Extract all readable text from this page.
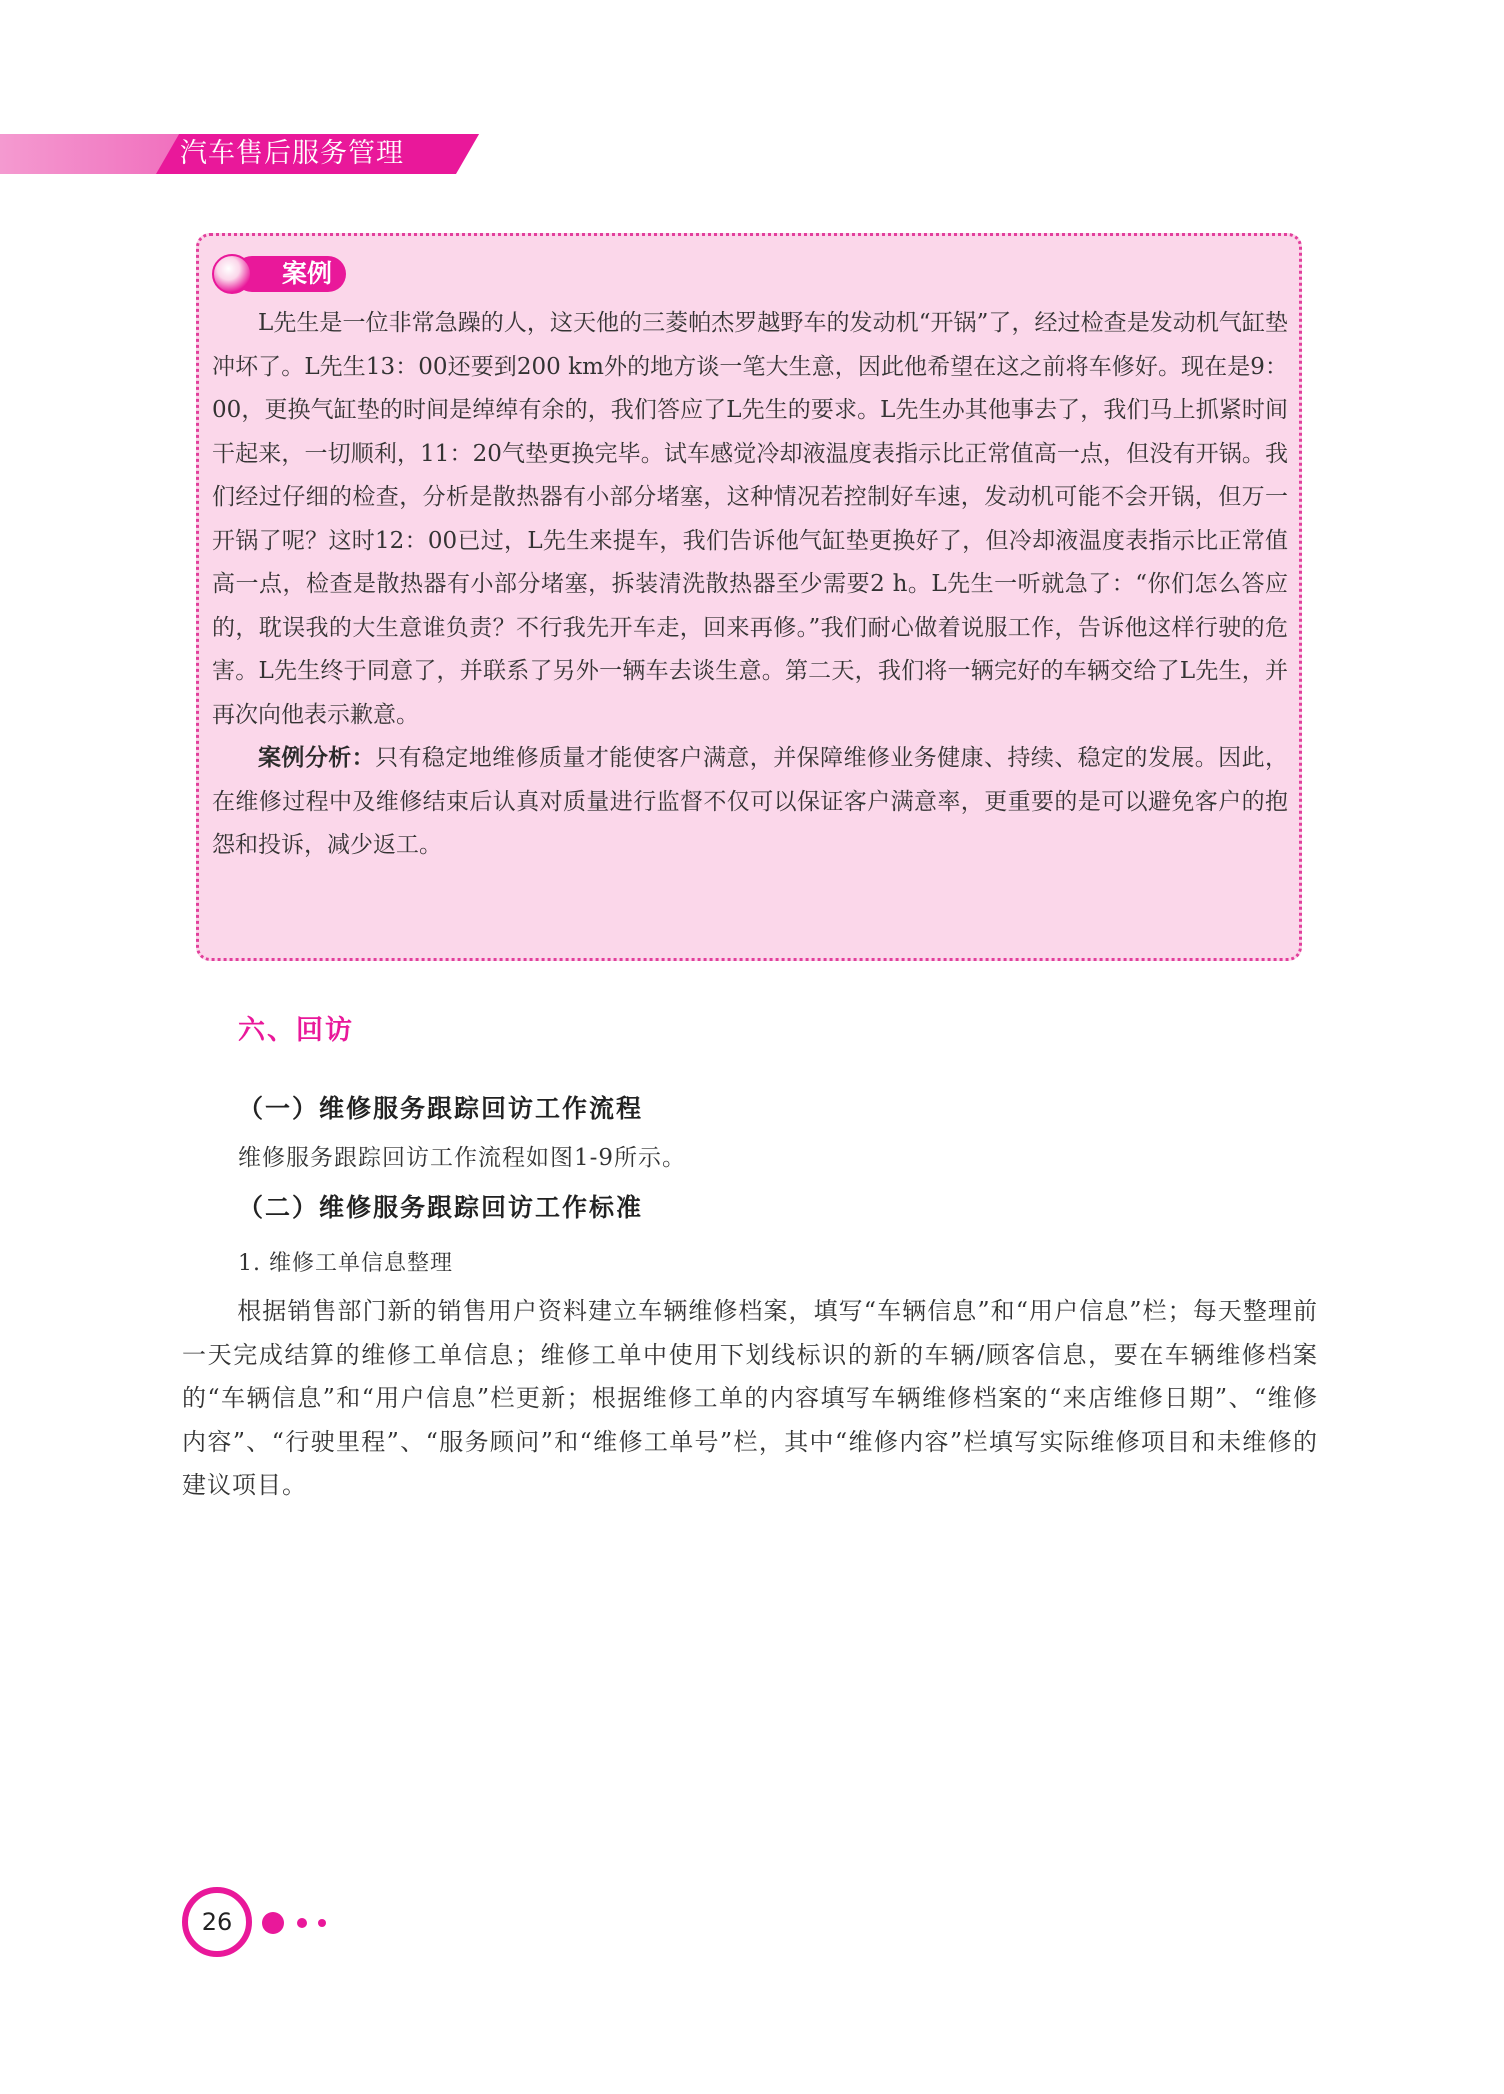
汽车售后服务管理
案例

L先生是一位非常急躁的人，这天他的三菱帕杰罗越野车的发动机“开锅”了，经过检查是发动机气缸垫冲坏了。L先生13：00还要到200 km外的地方谈一笔大生意，因此他希望在这之前将车修好。现在是9：00，更换气缸垫的时间是绰绰有余的，我们答应了L先生的要求。L先生办其他事去了，我们马上抓紧时间干起来，一切顺利，11：20气垫更换完毕。试车感觉冷却液温度表指示比正常值高一点，但没有开锅。我们经过仔细的检查，分析是散热器有小部分堵塞，这种情况若控制好车速，发动机可能不会开锅，但万一开锅了呢？这时12：00已过，L先生来提车，我们告诉他气缸垫更换好了，但冷却液温度表指示比正常值高一点，检查是散热器有小部分堵塞，拆装清洗散热器至少需要2 h。L先生一听就急了：“你们怎么答应的，耽误我的大生意谁负责？不行我先开车走，回来再修。”我们耐心做着说服工作，告诉他这样行驶的危害。L先生终于同意了，并联系了另外一辆车去谈生意。第二天，我们将一辆完好的车辆交给了L先生，并再次向他表示歉意。

案例分析：只有稳定地维修质量才能使客户满意，并保障维修业务健康、持续、稳定的发展。因此，在维修过程中及维修结束后认真对质量进行监督不仅可以保证客户满意率，更重要的是可以避免客户的抱怨和投诉，减少返工。

六、回访
（一）维修服务跟踪回访工作流程
维修服务跟踪回访工作流程如图1-9所示。
（二）维修服务跟踪回访工作标准
1. 维修工单信息整理

根据销售部门新的销售用户资料建立车辆维修档案，填写“车辆信息”和“用户信息”栏；每天整理前一天完成结算的维修工单信息；维修工单中使用下划线标识的新的车辆/顾客信息，要在车辆维修档案的“车辆信息”和“用户信息”栏更新；根据维修工单的内容填写车辆维修档案的“来店维修日期”、“维修内容”、“行驶里程”、“服务顾问”和“维修工单号”栏，其中“维修内容”栏填写实际维修项目和未维修的建议项目。

26
